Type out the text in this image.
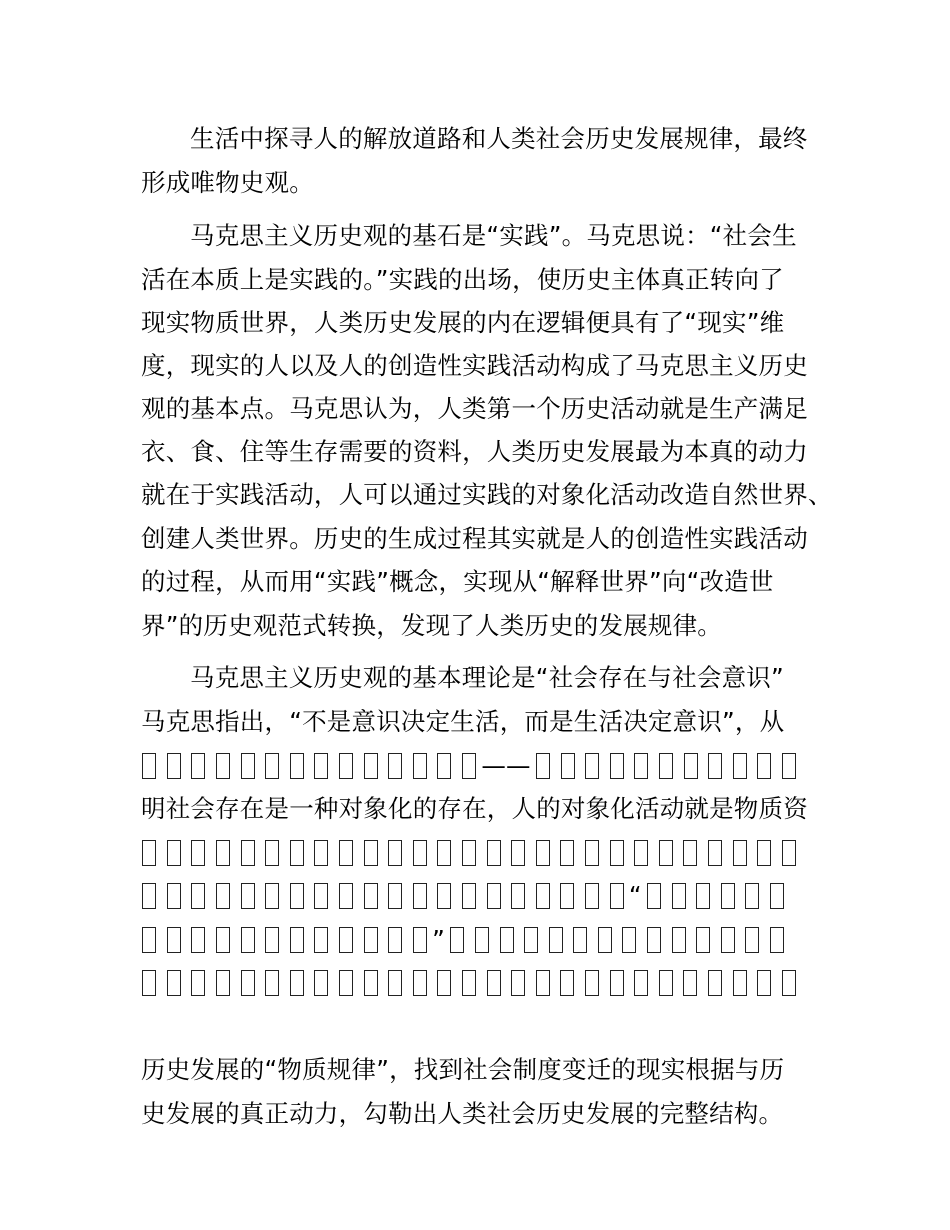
生活中探寻人的解放道路和人类社会历史发展规律，最终
形成唯物史观。
马克思主义历史观的基石是“实践”。马克思说：“社会生
活在本质上是实践的。”实践的出场，使历史主体真正转向了
现实物质世界，人类历史发展的内在逻辑便具有了“现实”维
度，现实的人以及人的创造性实践活动构成了马克思主义历史
观的基本点。马克思认为，人类第一个历史活动就是生产满足
衣、食、住等生存需要的资料，人类历史发展最为本真的动力
就在于实践活动，人可以通过实践的对象化活动改造自然世界、
创建人类世界。历史的生成过程其实就是人的创造性实践活动
的过程，从而用“实践”概念，实现从“解释世界”向“改造世
界”的历史观范式转换，发现了人类历史的发展规律。
马克思主义历史观的基本理论是“社会存在与社会意识”
马克思指出，“不是意识决定生活，而是生活决定意识”，从
明社会存在是一种对象化的存在，人的对象化活动就是物质资
历史发展的“物质规律”，找到社会制度变迁的现实根据与历
史发展的真正动力，勾勒出人类社会历史发展的完整结构。
——
“
”
